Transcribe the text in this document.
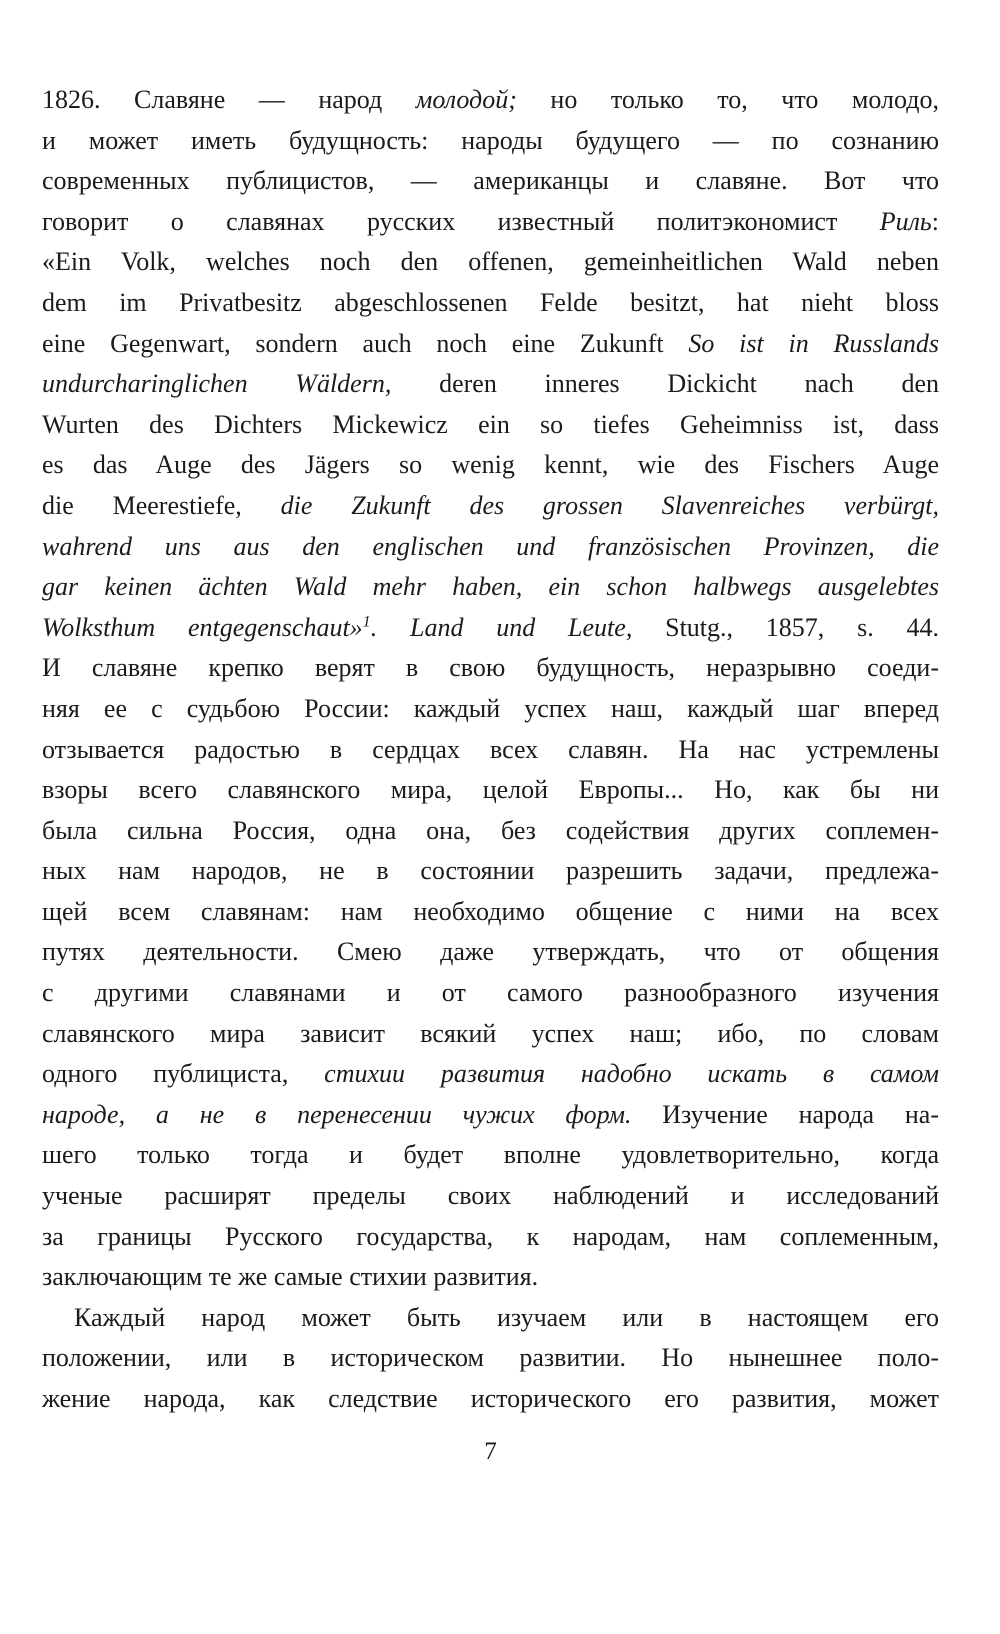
1826. Славяне — народ молодой; но только то, что молодо,
и может иметь будущность: народы будущего — по сознанию
современных публицистов, — американцы и славяне. Вот что
говорит о славянах русских известный политэкономист Риль:
«Ein Volk, welches noch den offenen, gemeinheitlichen Wald neben
dem im Privatbesitz abgeschlossenen Felde besitzt, hat nieht bloss
eine Gegenwart, sondern auch noch eine Zukunft So ist in Russlands
undurcharinglichen Wäldern, deren inneres Dickicht nach den
Wurten des Dichters Mickewicz ein so tiefes Geheimniss ist, dass
es das Auge des Jägers so wenig kennt, wie des Fischers Auge
die Meerestiefe, die Zukunft des grossen Slavenreiches verbürgt,
wahrend uns aus den englischen und französischen Provinzen, die
gar keinen ächten Wald mehr haben, ein schon halbwegs ausgelebtes
Wolksthum entgegenschaut»$^1$. Land und Leute, Stutg., 1857, s. 44.
И славяне крепко верят в свою будущность, неразрывно соеди-
няя ее с судьбою России: каждый успех наш, каждый шаг вперед
отзывается радостью в сердцах всех славян. На нас устремлены
взоры всего славянского мира, целой Европы... Но, как бы ни
была сильна Россия, одна она, без содействия других соплемен-
ных нам народов, не в состоянии разрешить задачи, предлежа-
щей всем славянам: нам необходимо общение с ними на всех
путях деятельности. Смею даже утверждать, что от общения
с другими славянами и от самого разнообразного изучения
славянского мира зависит всякий успех наш; ибо, по словам
одного публициста, стихии развития надобно искать в самом
народе, а не в перенесении чужих форм. Изучение народа на-
шего только тогда и будет вполне удовлетворительно, когда
ученые расширят пределы своих наблюдений и исследований
за границы Русского государства, к народам, нам соплеменным,
заключающим те же самые стихии развития.
Каждый народ может быть изучаем или в настоящем его
положении, или в историческом развитии. Но нынешнее поло-
жение народа, как следствие исторического его развития, может
7
